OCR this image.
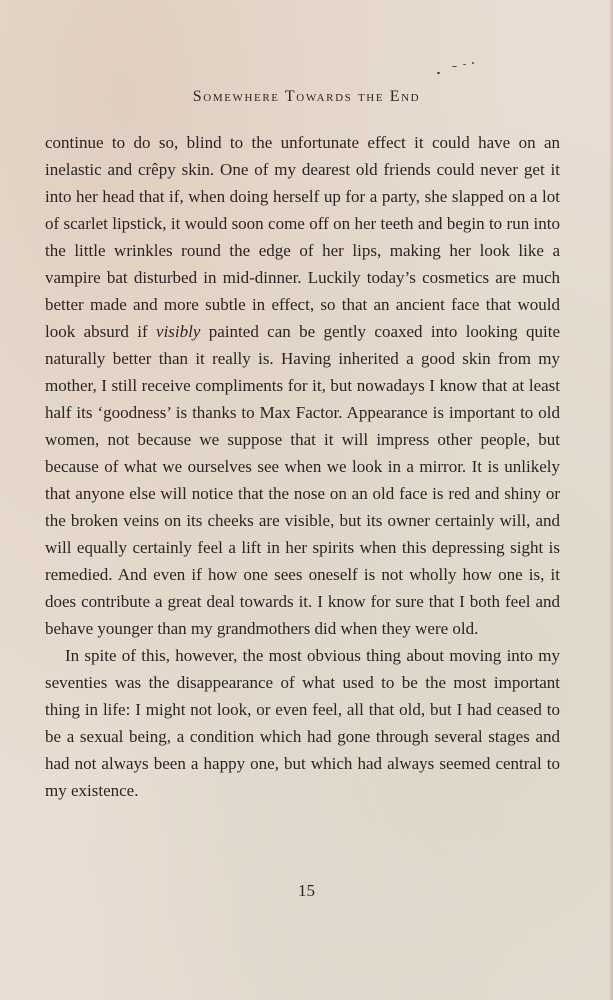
Somewhere Towards the End

continue to do so, blind to the unfortunate effect it could have on an inelastic and crêpy skin. One of my dearest old friends could never get it into her head that if, when doing herself up for a party, she slapped on a lot of scarlet lipstick, it would soon come off on her teeth and begin to run into the little wrinkles round the edge of her lips, making her look like a vampire bat disturbed in mid-dinner. Luckily today’s cosmetics are much better made and more subtle in effect, so that an ancient face that would look absurd if visibly painted can be gently coaxed into looking quite naturally better than it really is. Having inherited a good skin from my mother, I still receive compliments for it, but nowadays I know that at least half its ‘goodness’ is thanks to Max Factor. Appearance is important to old women, not because we suppose that it will impress other people, but because of what we ourselves see when we look in a mirror. It is unlikely that anyone else will notice that the nose on an old face is red and shiny or the broken veins on its cheeks are visible, but its owner certainly will, and will equally certainly feel a lift in her spirits when this depressing sight is remedied. And even if how one sees oneself is not wholly how one is, it does contribute a great deal towards it. I know for sure that I both feel and behave younger than my grandmothers did when they were old.

In spite of this, however, the most obvious thing about moving into my seventies was the disappearance of what used to be the most important thing in life: I might not look, or even feel, all that old, but I had ceased to be a sexual being, a condition which had gone through several stages and had not always been a happy one, but which had always seemed central to my existence.

15
